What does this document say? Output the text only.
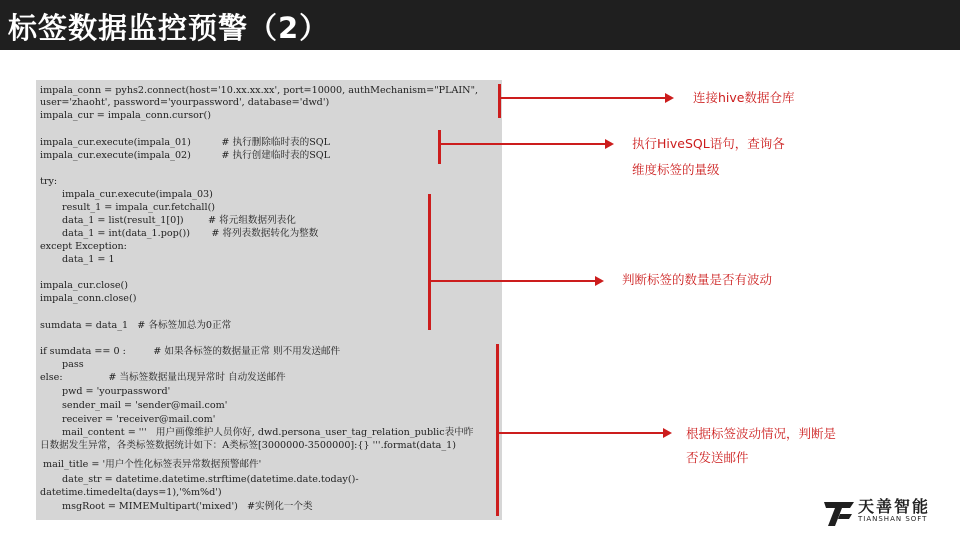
标签数据监控预警（2）
impala_conn = pyhs2.connect(host='10.xx.xx.xx', port=10000, authMechanism="PLAIN",
user='zhaoht', password='yourpassword', database='dwd')
impala_cur = impala_conn.cursor()
impala_cur.execute(impala_01)          # 执行删除临时表的SQL
impala_cur.execute(impala_02)          # 执行创建临时表的SQL
try:
impala_cur.execute(impala_03)
result_1 = impala_cur.fetchall()
data_1 = list(result_1[0])        # 将元组数据列表化
data_1 = int(data_1.pop())       # 将列表数据转化为整数
except Exception:
data_1 = 1
impala_cur.close()
impala_conn.close()
sumdata = data_1   # 各标签加总为0正常
if sumdata == 0 :         # 如果各标签的数据量正常 则不用发送邮件
pass
else:               # 当标签数据量出现异常时 自动发送邮件
pwd = 'yourpassword'
sender_mail = 'sender@mail.com'
receiver = 'receiver@mail.com'
mail_content = '''   用户画像维护人员你好, dwd.persona_user_tag_relation_public表中昨
日数据发生异常，各类标签数据统计如下：A类标签[3000000-3500000]:{} '''.format(data_1)
mail_title = '用户个性化标签表异常数据预警邮件'
date_str = datetime.datetime.strftime(datetime.date.today()-
datetime.timedelta(days=1),'%m%d')
msgRoot = MIMEMultipart('mixed')   #实例化一个类
连接hive数据仓库
执行HiveSQL语句，查询各
维度标签的量级
判断标签的数量是否有波动
根据标签波动情况，判断是
否发送邮件
天善智能
TIANSHAN SOFT
